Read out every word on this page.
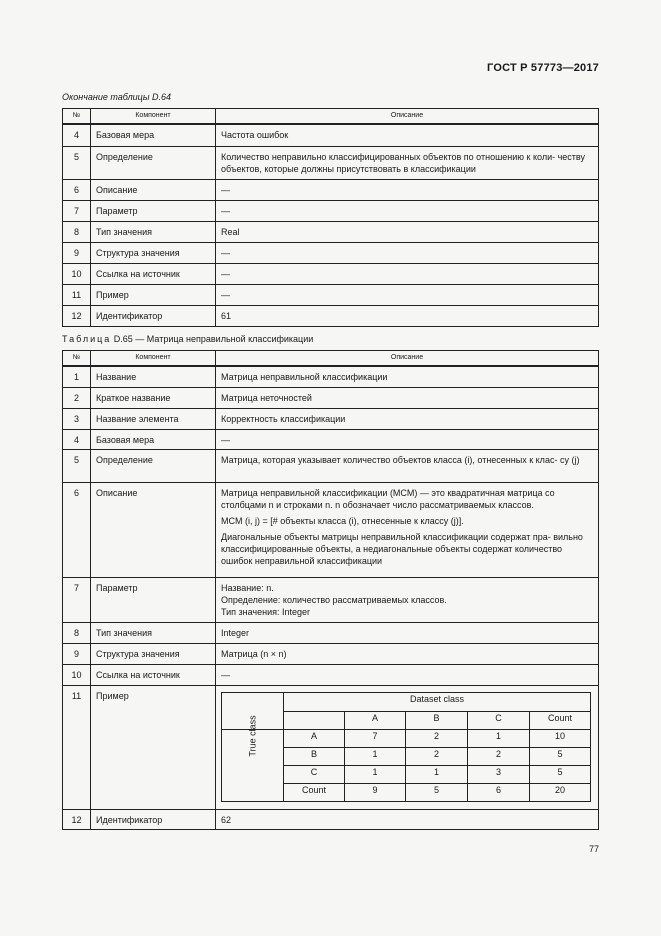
ГОСТ Р 57773—2017
Окончание таблицы D.64
№	Компонент	Описание
4	Базовая мера	Частота ошибок
5	Определение	Количество неправильно классифицированных объектов по отношению к коли- честву объектов, которые должны присутствовать в классификации
6	Описание	—
7	Параметр	—
8	Тип значения	Real
9	Структура значения	—
10	Ссылка на источник	—
11	Пример	—
12	Идентификатор	61
Таблица D.65 — Матрица неправильной классификации
№	Компонент	Описание
1	Название	Матрица неправильной классификации
2	Краткое название	Матрица неточностей
3	Название элемента	Корректность классификации
4	Базовая мера	—
5	Определение	Матрица, которая указывает количество объектов класса (i), отнесенных к клас- су (j)
6	Описание	Матрица неправильной классификации (MCM) — это квадратичная матрица со столбцами n и строками n. n обозначает число рассматриваемых классов.

MCM (i, j) = [# объекты класса (i), отнесенные к классу (j)].

Диагональные объекты матрицы неправильной классификации содержат пра- вильно классифицированные объекты, а недиагональные объекты содержат количество ошибок неправильной классификации

7	Параметр	Название: n.

Определение: количество рассматриваемых классов.

Тип значения: Integer

8	Тип значения	Integer
9	Структура значения	Матрица (n × n)
10	Ссылка на источник	—
11	Пример	
		Dataset class
	A	B	C	Count

True class	A	7	2	1	10
B	1	2	2	5
C	1	1	3	5
Count	9	5	6	20

12	Идентификатор	62
77
